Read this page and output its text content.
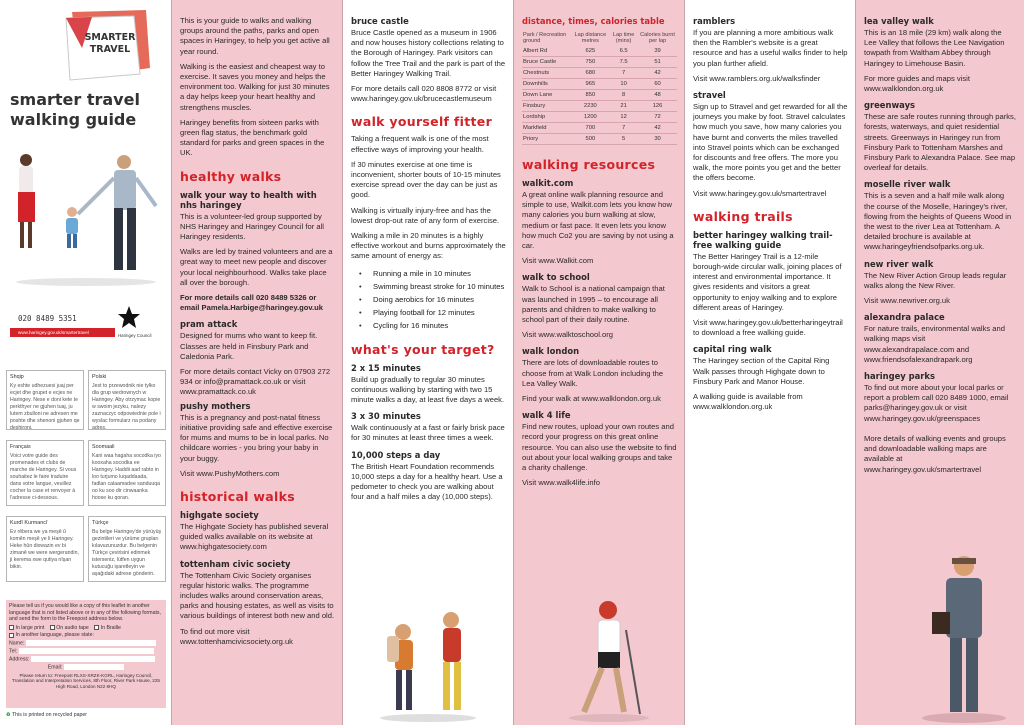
SMARTER TRAVEL
smarter travel
walking guide
020 8489 5351
www.haringey.gov.uk/smartertravel
Haringey Council
Shqip
Ky eshte udhezuesi juaj per ecjet dhe grupet e ecjes ne Haringey. Nese e doni kete te perkthyer ne gjuhen tuaj, ju lutem zbulloni ne adresen me poshte dhe shenoni gjuhen qe deshironi.
Polski
Jest to przewodnik nie tylko dla grup wedrownych w Haringey. Aby otrzymac kopie w swoim jezyku, nalezy zaznaczyc odpowiednie pole i wyslac formularz na podany adres.
Français
Voici votre guide des promenades et clubs de marche de Haringey. Si vous souhaitez le faire traduire dans votre langue, veuillez cocher la case et renvoyer à l'adresse ci-dessous.
Soomaali
Kani waa hagaha socodka iyo kooxaha socodka ee Haringey. Haddii aad rabto in loo turjumo luqaddaada, fadlan calaamadee sanduuqa oo ku soo dir cinwaanka hoose ku qoran.
Kurdî Kurmancî
Ev rêbera we ya meşê û komên meşê ye li Haringey. Heke hûn dixwazin ev bi zimanê we were wergerandin, ji kerema xwe qutiya nîşan bikin.
Türkçe
Bu belge Haringey'de yürüyüş gezintileri ve yürüme grupları kılavuzunuzdur. Bu belgenin Türkçe çevirisini edinmek isterseniz, lütfen uygun kutucuğu işaretleyin ve aşağıdaki adrese gönderin.
Please tell us if you would like a copy of this leaflet in another language that is not listed above or in any of the following formats, and send the form to the Freepost address below.
In large print On audio tape In Braille
In another language, please state:
Name:
Tel:
Address:
Email:
Please return to: Freepost RLXS-XRZK-KGRL, Haringey Council, Translation and Interpretation Services, 8th Floor, River Park House, 225 High Road, London N22 8HQ
♻ This is printed on recycled paper

This is your guide to walks and walking groups around the paths, parks and open spaces in Haringey, to help you get active all year round.

Walking is the easiest and cheapest way to exercise. It saves you money and helps the environment too. Walking for just 30 minutes a day helps keep your heart healthy and strengthens muscles.

Haringey benefits from sixteen parks with green flag status, the benchmark gold standard for parks and green spaces in the UK.

healthy walks
walk your way to health with nhs haringey

This is a volunteer-led group supported by NHS Haringey and Haringey Council for all Haringey residents.

Walks are led by trained volunteers and are a great way to meet new people and discover your local neighbourhood. Walks take place all over the borough.

For more details call 020 8489 5326 or email Pamela.Harbige@haringey.gov.uk

pram attack

Designed for mums who want to keep fit. Classes are held in Finsbury Park and Caledonia Park.

For more details contact Vicky on 07903 272 934 or info@pramattack.co.uk or visit www.pramattack.co.uk

pushy mothers

This is a pregnancy and post-natal fitness initiative providing safe and effective exercise for mums and mums to be in local parks. No childcare worries - you bring your baby in your buggy.

Visit www.PushyMothers.com

historical walks
highgate society

The Highgate Society has published several guided walks available on its website at www.highgatesociety.com

tottenham civic society

The Tottenham Civic Society organises regular historic walks. The programme includes walks around conservation areas, parks and housing estates, as well as visits to various buildings of interest both new and old.

To find out more visit www.tottenhamcivicsociety.org.uk

bruce castle

Bruce Castle opened as a museum in 1906 and now houses history collections relating to the Borough of Haringey. Park visitors can follow the Tree Trail and the park is part of the Better Haringey Walking Trail.

For more details call 020 8808 8772 or visit www.haringey.gov.uk/brucecastlemuseum

walk yourself fitter

Taking a frequent walk is one of the most effective ways of improving your health.

If 30 minutes exercise at one time is inconvenient, shorter bouts of 10-15 minutes exercise spread over the day can be just as good.

Walking is virtually injury-free and has the lowest drop-out rate of any form of exercise.

Walking a mile in 20 minutes is a highly effective workout and burns approximately the same amount of energy as:

• Running a mile in 10 minutes
• Swimming breast stroke for 10 minutes
• Doing aerobics for 16 minutes
• Playing football for 12 minutes
• Cycling for 16 minutes
what's your target?
2 x 15 minutes

Build up gradually to regular 30 minutes continuous walking by starting with two 15 minute walks a day, at least five days a week.

3 x 30 minutes

Walk continuously at a fast or fairly brisk pace for 30 minutes at least three times a week.

10,000 steps a day

The British Heart Foundation recommends 10,000 steps a day for a healthy heart. Use a pedometer to check you are walking about four and a half miles a day (10,000 steps).

distance, times, calories table
Park / Recreation ground	Lap distance metres	Lap time (mins)	Calories burnt per lap
Albert Rd	625	6.5	39
Bruce Castle	750	7.5	51
Chestnuts	680	7	42
Downhills	965	10	60
Down Lane	850	8	48
Finsbury	2230	21	126
Lordship	1200	12	72
Markfield	700	7	42
Priory	500	5	30
walking resources
walkit.com

A great online walk planning resource and simple to use, Walkit.com lets you know how many calories you burn walking at slow, medium or fast pace. It even lets you know how much Co2 you are saving by not using a car.

Visit www.Walkit.com

walk to school

Walk to School is a national campaign that was launched in 1995 – to encourage all parents and children to make walking to school part of their daily routine.

Visit www.walktoschool.org

walk london

There are lots of downloadable routes to choose from at Walk London including the Lea Valley Walk.

Find your walk at www.walklondon.org.uk

walk 4 life

Find new routes, upload your own routes and record your progress on this great online resource. You can also use the website to find out about your local walking groups and take a charity challenge.

Visit www.walk4life.info

ramblers

If you are planning a more ambitious walk then the Rambler's website is a great resource and has a useful walks finder to help you plan further afield.

Visit www.ramblers.org.uk/walksfinder

stravel

Sign up to Stravel and get rewarded for all the journeys you make by foot. Stravel calculates how much you save, how many calories you have burnt and converts the miles travelled into Stravel points which can be exchanged for discounts and free offers. The more you walk, the more points you get and the better the offers become.

Visit www.haringey.gov.uk/smartertravel

walking trails
better haringey walking trail- free walking guide

The Better Haringey Trail is a 12-mile borough-wide circular walk, joining places of interest and environmental importance. It gives residents and visitors a great opportunity to enjoy walking and to explore different areas of Haringey.

Visit www.haringey.gov.uk/betterharingeytrail to download a free walking guide.

capital ring walk

The Haringey section of the Capital Ring Walk passes through Highgate down to Finsbury Park and Manor House.

A walking guide is available from www.walklondon.org.uk

lea valley walk

This is an 18 mile (29 km) walk along the Lee Valley that follows the Lee Navigation towpath from Waltham Abbey through Haringey to Limehouse Basin.

For more guides and maps visit www.walklondon.org.uk

greenways

These are safe routes running through parks, forests, waterways, and quiet residential streets. Greenways in Haringey run from Finsbury Park to Tottenham Marshes and Finsbury Park to Alexandra Palace. See map overleaf for details.

moselle river walk

This is a seven and a half mile walk along the course of the Moselle, Haringey's river, flowing from the heights of Queens Wood in the west to the river Lea at Tottenham. A detailed brochure is available at www.haringeyfriendsofparks.org.uk.

new river walk

The New River Action Group leads regular walks along the New River.

Visit www.newriver.org.uk

alexandra palace

For nature trails, environmental walks and walking maps visit www.alexandrapalace.com and www.friendsofalexandrapark.org

haringey parks

To find out more about your local parks or report a problem call 020 8489 1000, email parks@haringey.gov.uk or visit www.haringey.gov.uk/greenspaces

More details of walking events and groups and downloadable walking maps are available at www.haringey.gov.uk/smartertravel
